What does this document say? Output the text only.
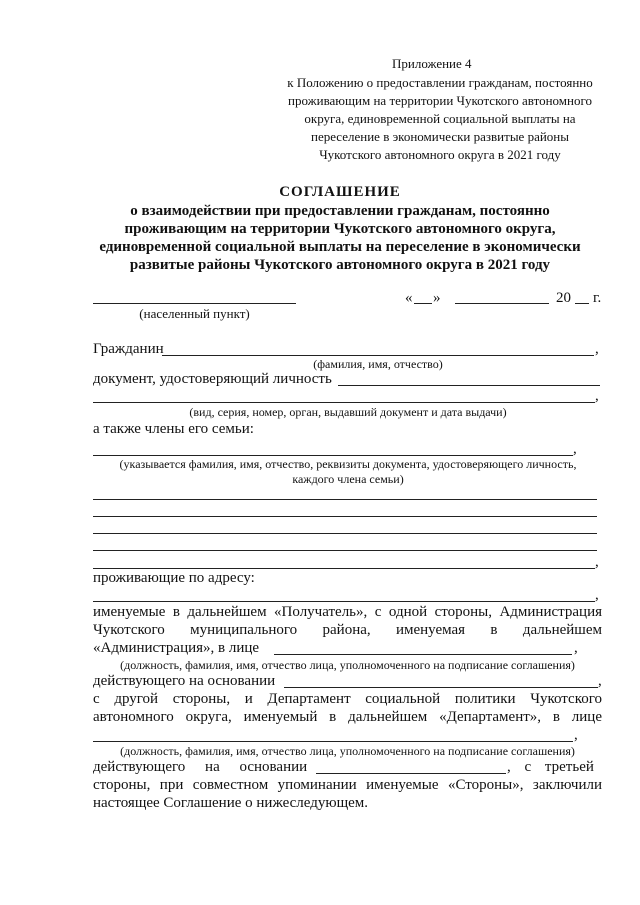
Приложение 4
к Положению о предоставлении гражданам, постоянно
проживающим на территории Чукотского автономного
округа, единовременной социальной выплаты на
переселение в экономически развитые районы
Чукотского автономного округа в 2021 году
СОГЛАШЕНИЕ
о взаимодействии при предоставлении гражданам, постоянно
проживающим на территории Чукотского автономного округа,
единовременной социальной выплаты на переселение в экономически
развитые районы Чукотского автономного округа в 2021 году
(населенный пункт)
« »	20 г.
Гражданин	,
(фамилия, имя, отчество)
документ, удостоверяющий личность
,
(вид, серия, номер, орган, выдавший документ и дата выдачи)
а также члены его семьи:
,
(указывается фамилия, имя, отчество, реквизиты документа, удостоверяющего личность,
каждого члена семьи)
,
проживающие по адресу:
,
именуемые в дальнейшем «Получатель», с одной стороны, Администрация
Чукотского муниципального района, именуемая в дальнейшем
«Администрация», в лице	,
(должность, фамилия, имя, отчество лица, уполномоченного на подписание соглашения)
действующего на основании	,
с другой стороны, и Департамент социальной политики Чукотского
автономного округа, именуемый в дальнейшем «Департамент», в лице
,
(должность, фамилия, имя, отчество лица, уполномоченного на подписание соглашения)
действующего на основании	, с третьей
стороны, при совместном упоминании именуемые «Стороны», заключили
настоящее Соглашение о нижеследующем.
